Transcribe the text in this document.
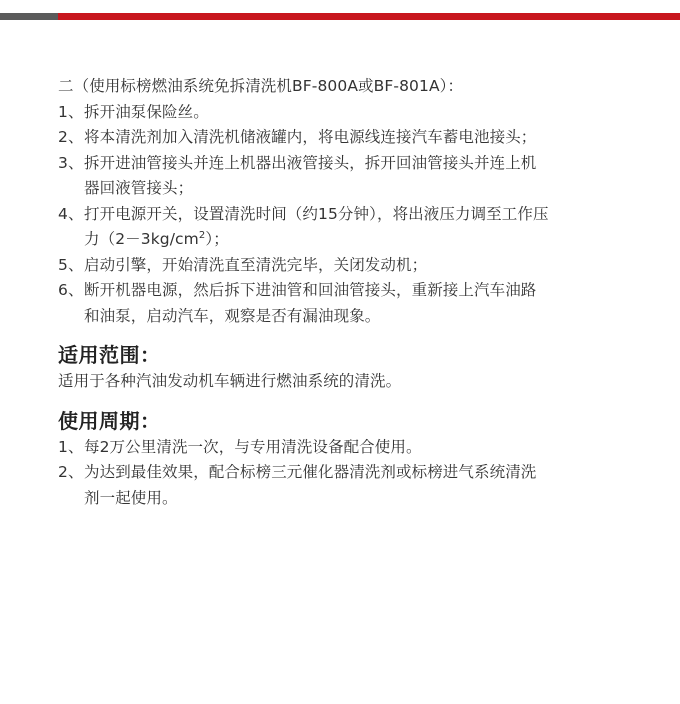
二（使用标榜燃油系统免拆清洗机BF-800A或BF-801A）：
1、 拆开油泵保险丝。
2、 将本清洗剂加入清洗机储液罐内，将电源线连接汽车蓄电池接头；
3、 拆开进油管接头并连上机器出液管接头，拆开回油管接头并连上机器回液管接头；
4、 打开电源开关，设置清洗时间（约15分钟），将出液压力调至工作压力$(2-3kg/cm^2)$；
5、 启动引擎，开始清洗直至清洗完毕，关闭发动机；
6、 断开机器电源，然后拆下进油管和回油管接头，重新接上汽车油路和油泵，启动汽车，观察是否有漏油现象。
适用范围：
适用于各种汽油发动机车辆进行燃油系统的清洗。
使用周期：
1、 每2万公里清洗一次，与专用清洗设备配合使用。
2、 为达到最佳效果，配合标榜三元催化器清洗剂或标榜进气系统清洗剂一起使用。
